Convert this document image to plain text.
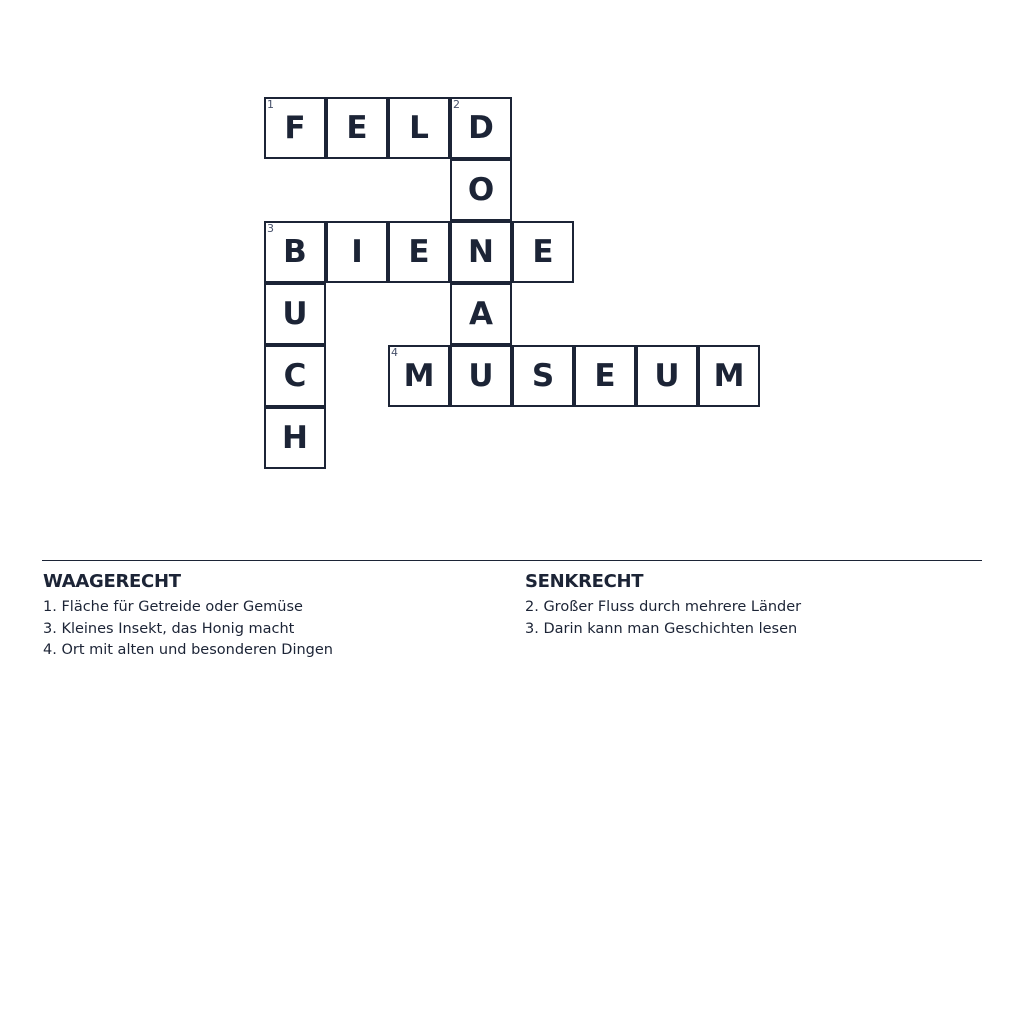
1
F	E	L
2
D
O
3
B	I	E	N	E
U	A
C
4
M	U	S	E	U	M
H
WAAGERECHT
1. Fläche für Getreide oder Gemüse
3. Kleines Insekt, das Honig macht
4. Ort mit alten und besonderen Dingen
SENKRECHT
2. Großer Fluss durch mehrere Länder
3. Darin kann man Geschichten lesen
